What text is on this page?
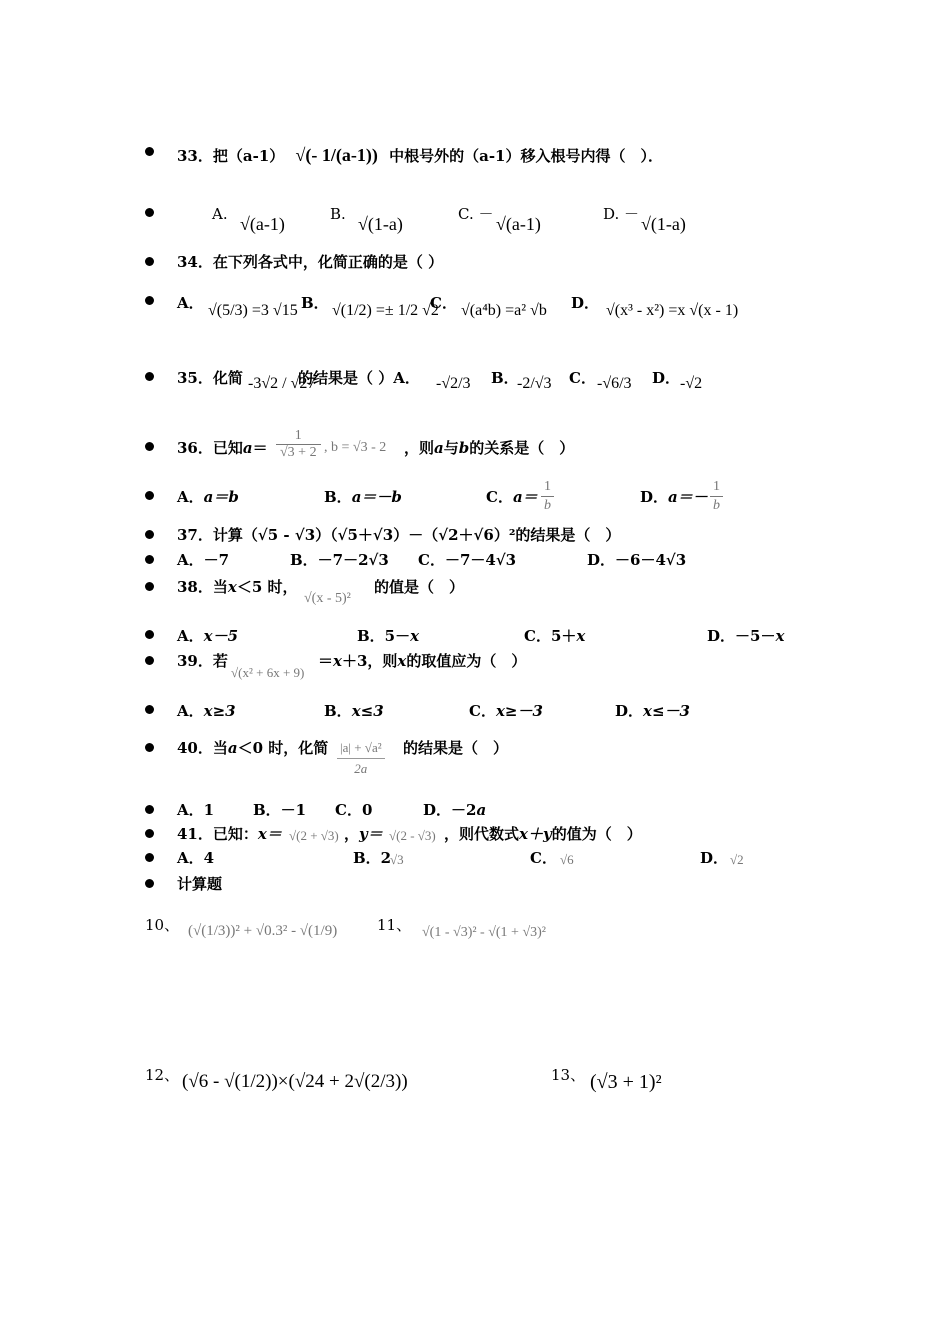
33．把（a-1） √(- 1/(a-1)) 中根号外的（a-1）移入根号内得（　）．
A. √(a-1)	B. √(1-a)	C. － √(a-1)	D. － √(1-a)
34．在下列各式中，化简正确的是（ ）
A． √(5/3) =3 √15 B． √(1/2) =± 1/2 √2
C． √(a⁴b) =a² √b D． √(x³ - x²) =x √(x - 1)
35．化简 -3√2 / √27
的结果是（ ）A． -√2/3 B．
-2/√3 C． -√6/3 D． -√2
36．已知$a= \frac{1}{√3 + 2}$ , b = √3 - 2 ，则a与b的关系是（　）
A．a＝b	B．a＝－b	C．a＝
1
b	D．a＝－
1
b
37．计算（√5 - √3）（√5＋√3）－（√2＋√6）²的结果是（　）
A．－7	B．－7－2√3 C．－7－4√3	D．－6－4√3
38．当x＜5 时，
√(x - 5)²
的值是（　）
A．x－5	B．5－x	C．5＋x	D．－5－x
39．若
√(x² + 6x + 9)
＝x＋3，则x的取值应为（　）
A．x≥3	B．x≤3	C．x≥－3	D．x≤－3
40．当a＜0 时，化简 $\frac{\text{|a| + √a²}}{2a}$ 的结果是（　）
A．1	B．－1 C．0	D．－2a
41．已知：x＝ √(2 + √3) ，y＝ √(2 - √3) ，则代数式x＋y的值为（　）
A．4	B．2
√3	C． √6	D． √2
计算题
10、 (√(1/3))² + √0.3² - √(1/9)	11、 √(1 - √3)² - √(1 + √3)²
12、 (√6 - √(1/2))×(√24 + 2√(2/3))	13、 (√3 + 1)²
